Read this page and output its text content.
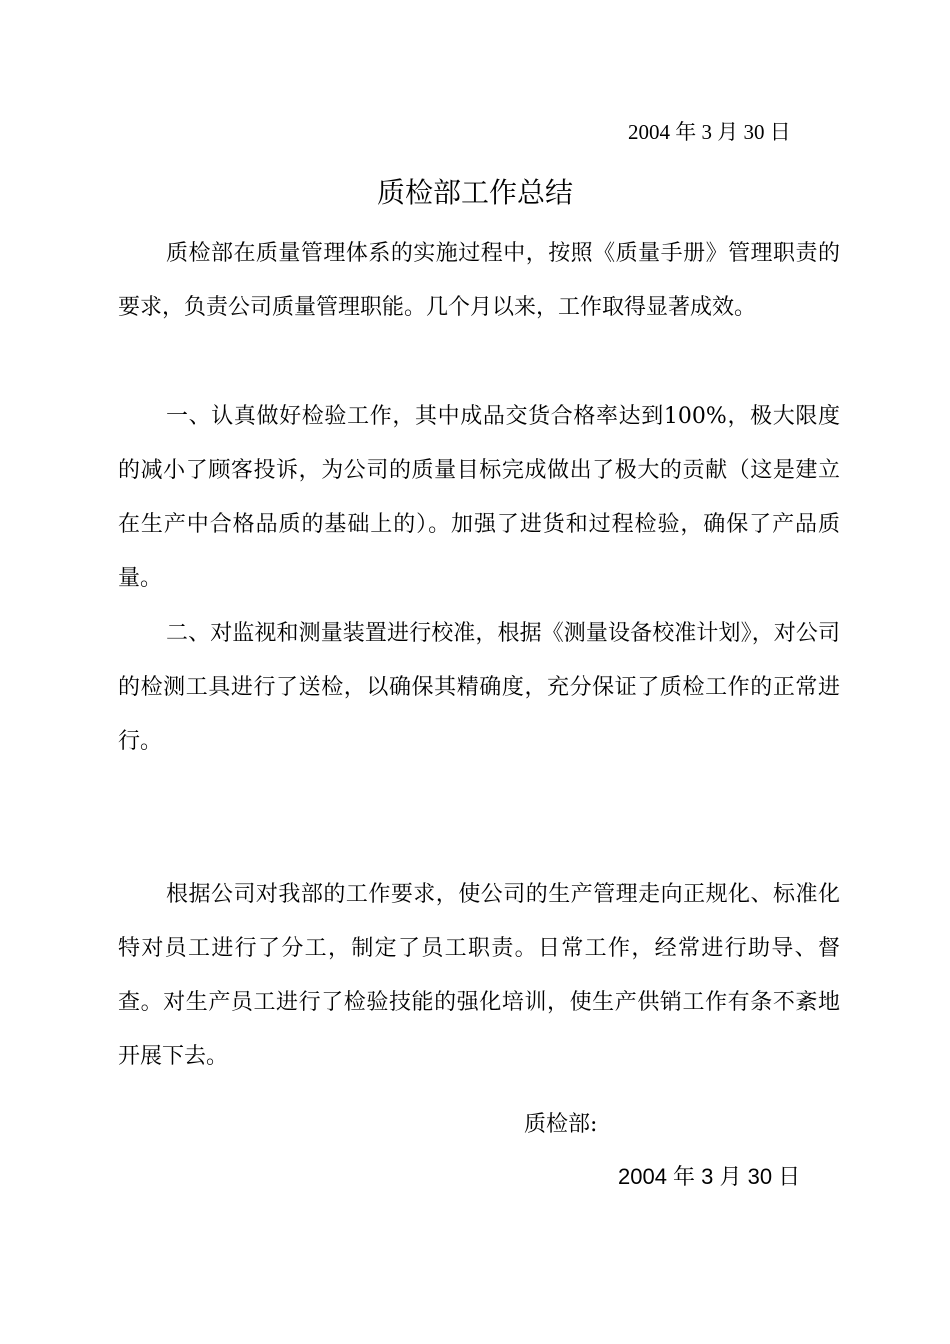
2004 年 3 月 30 日
质检部工作总结
质检部在质量管理体系的实施过程中，按照《质量手册》管理职责的要求，负责公司质量管理职能。几个月以来，工作取得显著成效。
一、认真做好检验工作，其中成品交货合格率达到100%，极大限度的减小了顾客投诉，为公司的质量目标完成做出了极大的贡献（这是建立在生产中合格品质的基础上的）。加强了进货和过程检验，确保了产品质量。
二、对监视和测量装置进行校准，根据《测量设备校准计划》，对公司的检测工具进行了送检，以确保其精确度，充分保证了质检工作的正常进行。
根据公司对我部的工作要求，使公司的生产管理走向正规化、标准化特对员工进行了分工，制定了员工职责。日常工作，经常进行助导、督查。对生产员工进行了检验技能的强化培训，使生产供销工作有条不紊地开展下去。
质检部:
2004 年 3 月 30 日
